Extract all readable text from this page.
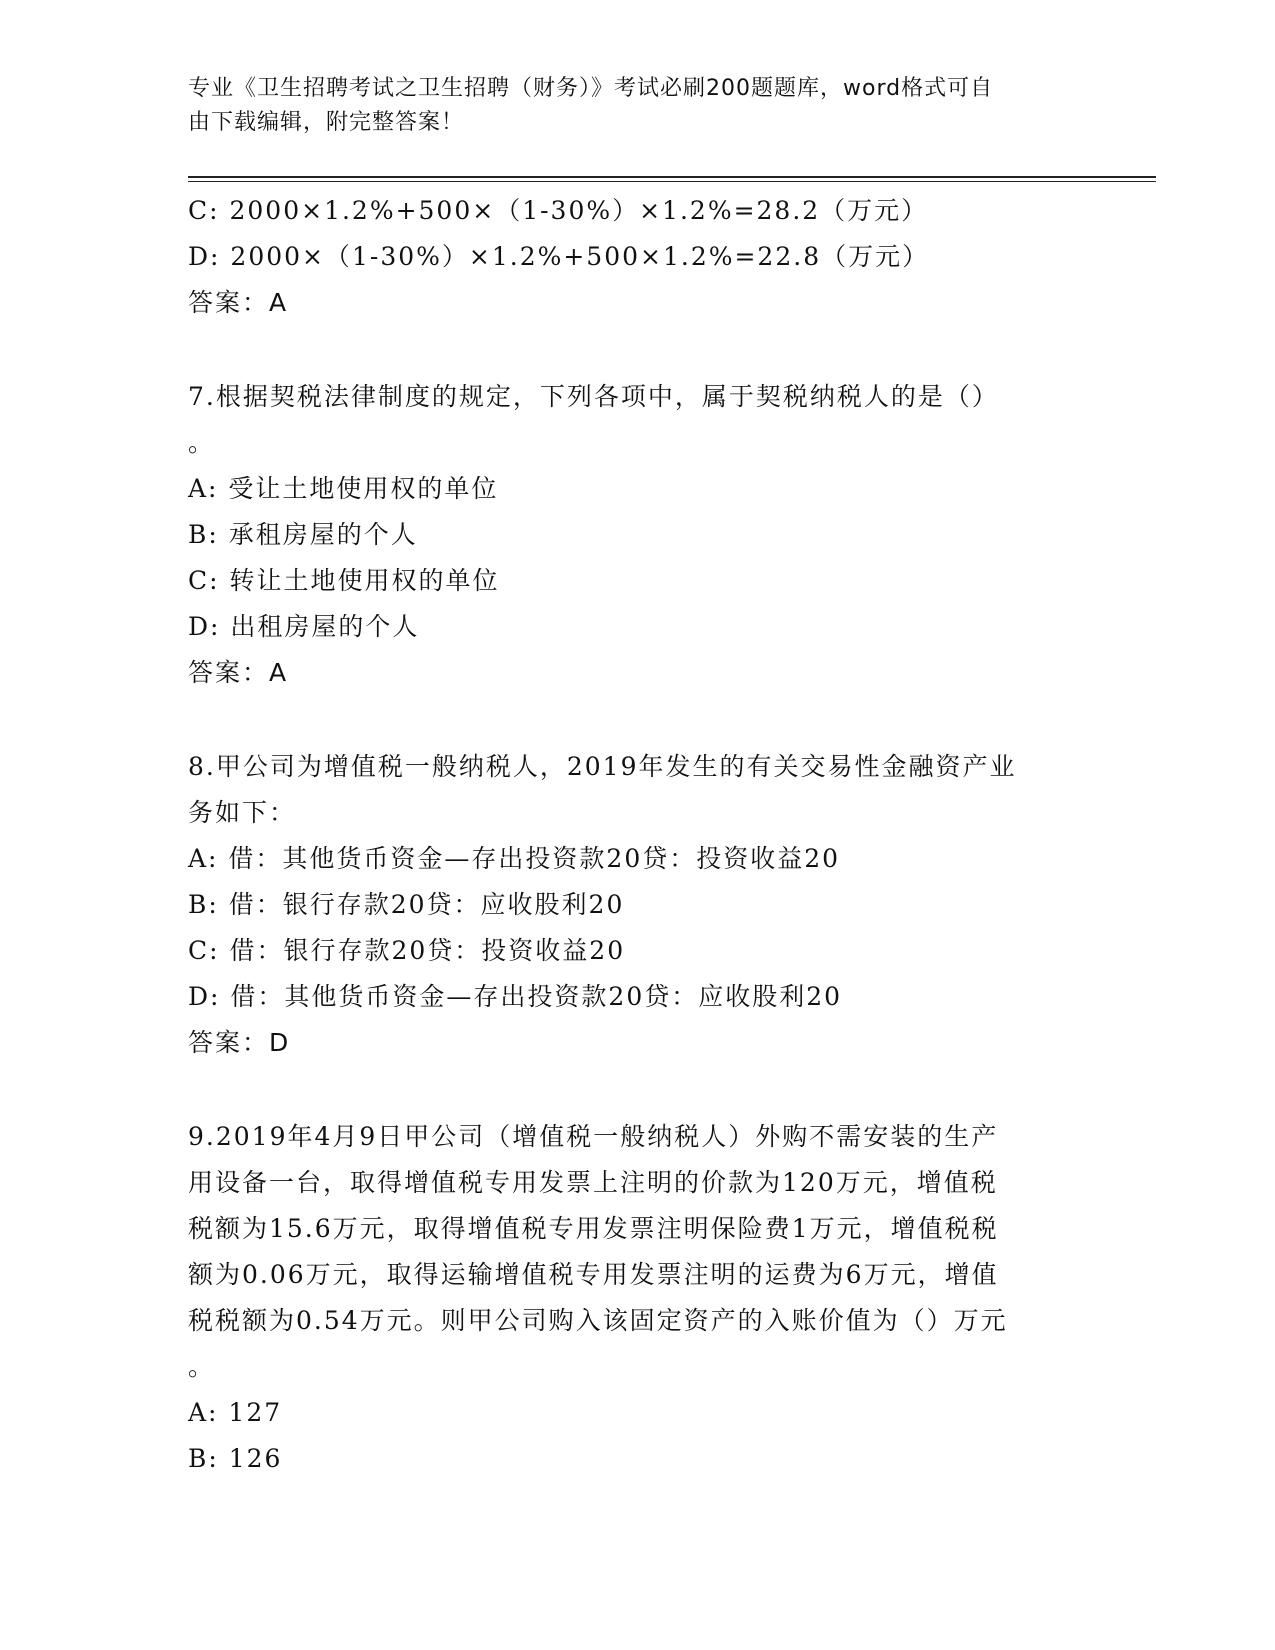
专业《卫生招聘考试之卫生招聘（财务）》考试必刷200题题库，word格式可自
由下载编辑，附完整答案！
C: 2000×1.2%+500×（1-30%）×1.2%=28.2（万元）
D: 2000×（1-30%）×1.2%+500×1.2%=22.8（万元）
答案：A
7.根据契税法律制度的规定，下列各项中，属于契税纳税人的是（）
。
A: 受让土地使用权的单位
B: 承租房屋的个人
C: 转让土地使用权的单位
D: 出租房屋的个人
答案：A
8.甲公司为增值税一般纳税人，2019年发生的有关交易性金融资产业
务如下：
A: 借：其他货币资金—存出投资款20贷：投资收益20
B: 借：银行存款20贷：应收股利20
C: 借：银行存款20贷：投资收益20
D: 借：其他货币资金—存出投资款20贷：应收股利20
答案：D
9.2019年4月9日甲公司（增值税一般纳税人）外购不需安装的生产
用设备一台，取得增值税专用发票上注明的价款为120万元，增值税
税额为15.6万元，取得增值税专用发票注明保险费1万元，增值税税
额为0.06万元，取得运输增值税专用发票注明的运费为6万元，增值
税税额为0.54万元。则甲公司购入该固定资产的入账价值为（）万元
。
A: 127
B: 126
